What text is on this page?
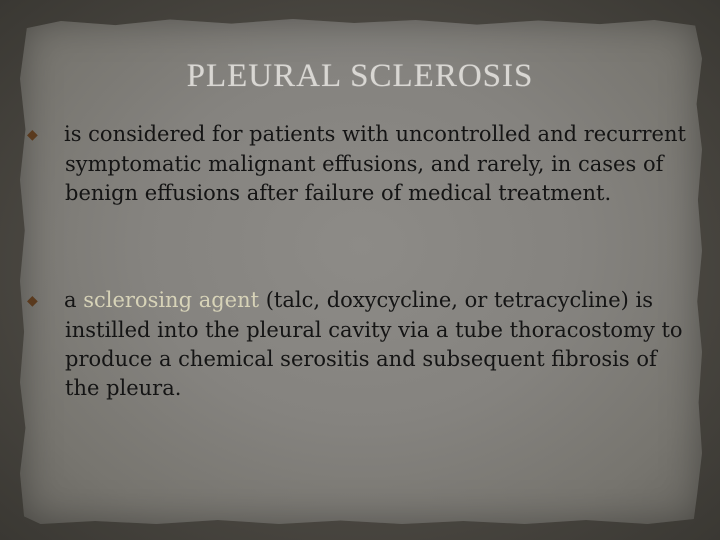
PLEURAL SCLEROSIS
◆ is considered for patients with uncontrolled and recurrent symptomatic malignant effusions, and rarely, in cases of benign effusions after failure of medical treatment.
◆ a sclerosing agent (talc, doxycycline, or tetracycline) is instilled into the pleural cavity via a tube thoracostomy to produce a chemical serositis and subsequent fibrosis of the pleura.
